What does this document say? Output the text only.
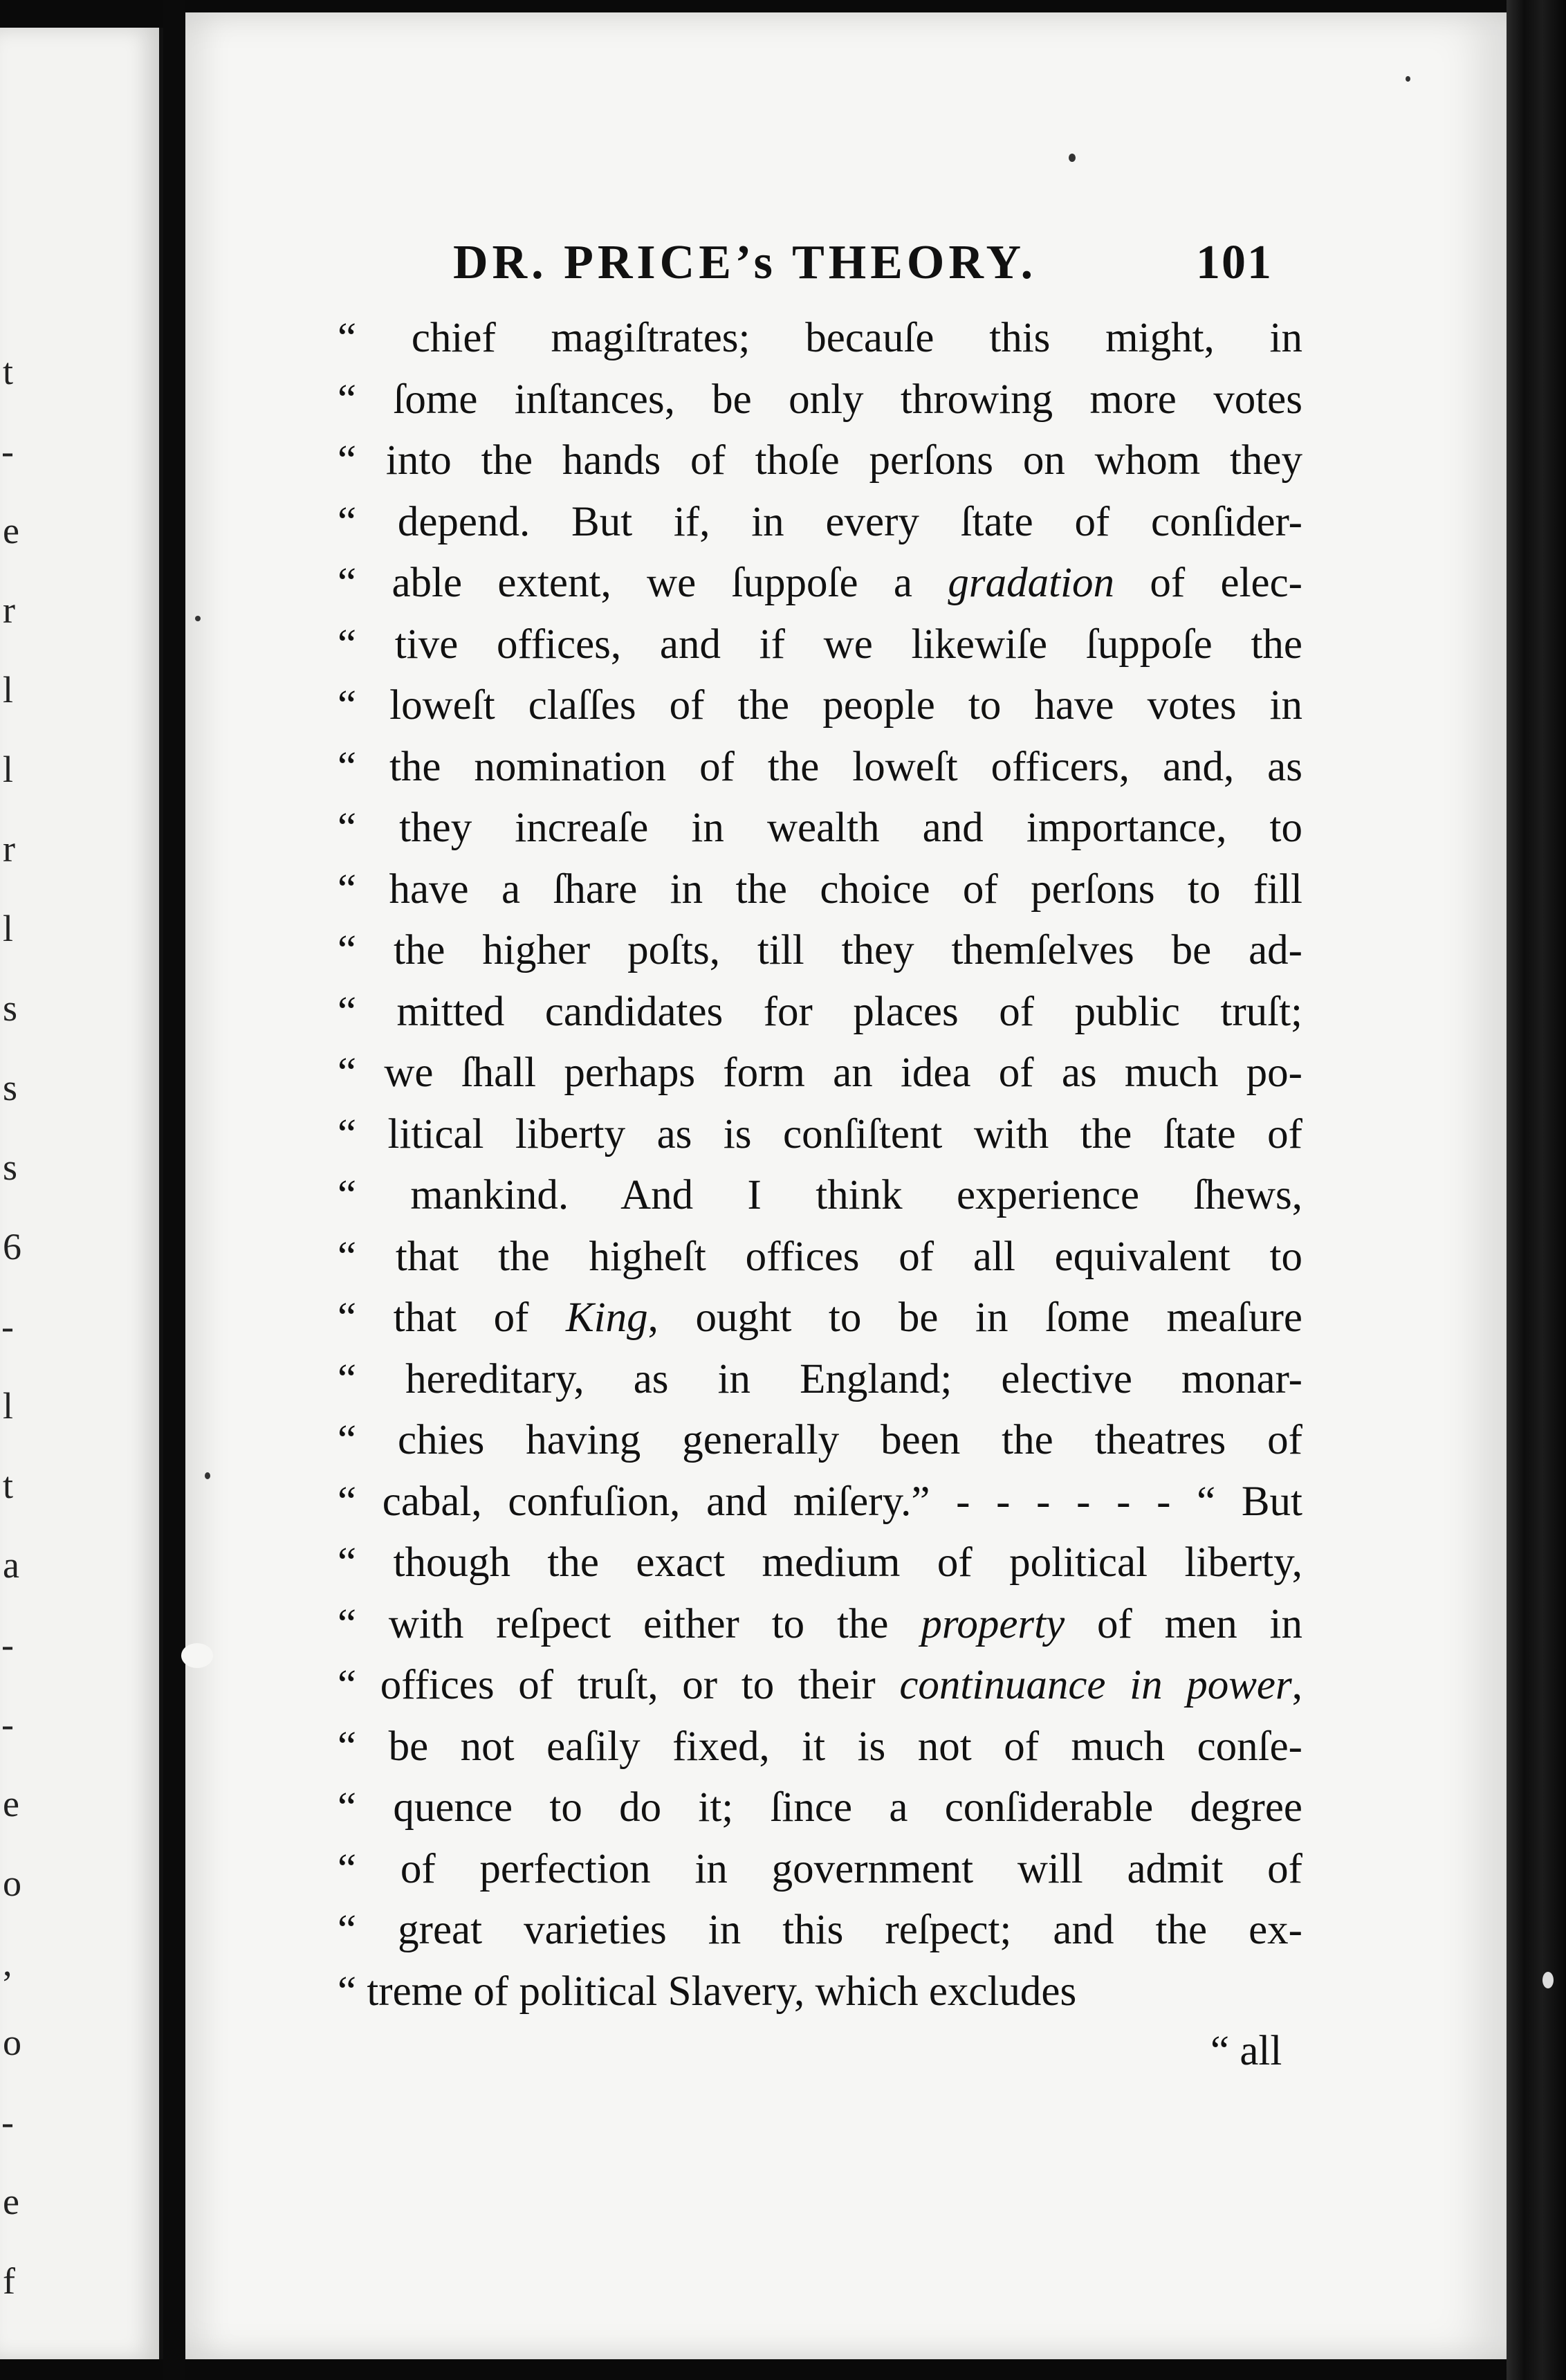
t
-
e
r
l
l
r
l
s
s
s
6
-
l
t
a
-
-
e
o
,
o
-
e
f
DR. PRICE’s THEORY.	101
“ chief magiſtrates; becauſe this might, in
“ ſome inſtances, be only throwing more votes
“ into the hands of thoſe perſons on whom they
“ depend. But if, in every ſtate of conſider-
“ able extent, we ſuppoſe a gradation of elec-
“ tive offices, and if we likewiſe ſuppoſe the
“ loweſt claſſes of the people to have votes in
“ the nomination of the loweſt officers, and, as
“ they increaſe in wealth and importance, to
“ have a ſhare in the choice of perſons to fill
“ the higher poſts, till they themſelves be ad-
“ mitted candidates for places of public truſt;
“ we ſhall perhaps form an idea of as much po-
“ litical liberty as is conſiſtent with the ſtate of
“ mankind. And I think experience ſhews,
“ that the higheſt offices of all equivalent to
“ that of King, ought to be in ſome meaſure
“ hereditary, as in England; elective monar-
“ chies having generally been the theatres of
“ cabal, confuſion, and miſery.” - - - - - - “ But
“ though the exact medium of political liberty,
“ with reſpect either to the property of men in
“ offices of truſt, or to their continuance in power,
“ be not eaſily fixed, it is not of much conſe-
“ quence to do it; ſince a conſiderable degree
“ of perfection in government will admit of
“ great varieties in this reſpect; and the ex-
“ treme of political Slavery, which excludes
“ all
